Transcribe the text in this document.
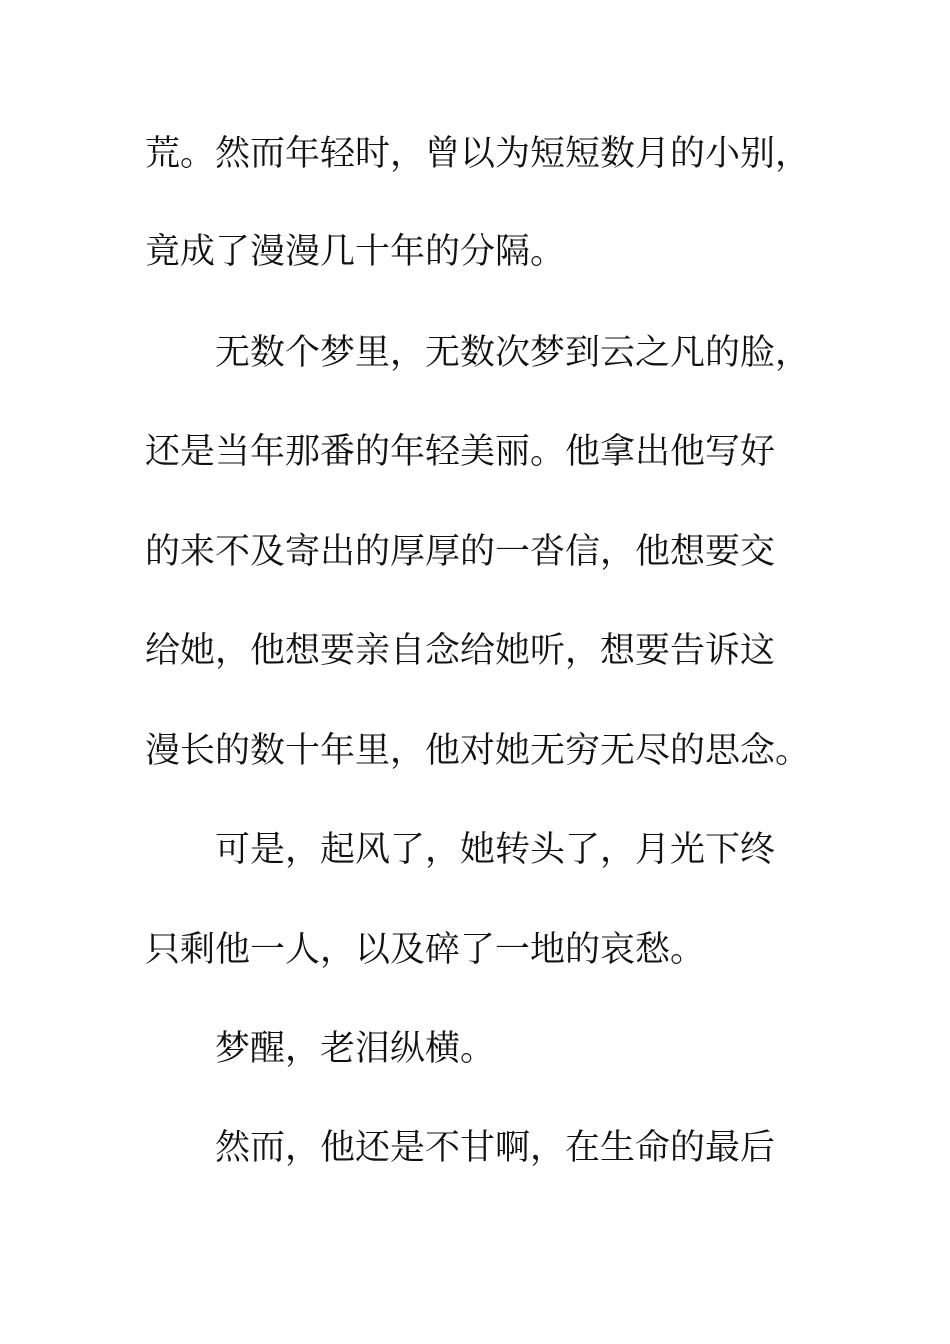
荒。然而年轻时，曾以为短短数月的小别，

竟成了漫漫几十年的分隔。

无数个梦里，无数次梦到云之凡的脸，

还是当年那番的年轻美丽。他拿出他写好

的来不及寄出的厚厚的一沓信，他想要交

给她，他想要亲自念给她听，想要告诉这

漫长的数十年里，他对她无穷无尽的思念。

可是，起风了，她转头了，月光下终

只剩他一人，以及碎了一地的哀愁。

梦醒，老泪纵横。

然而，他还是不甘啊，在生命的最后
